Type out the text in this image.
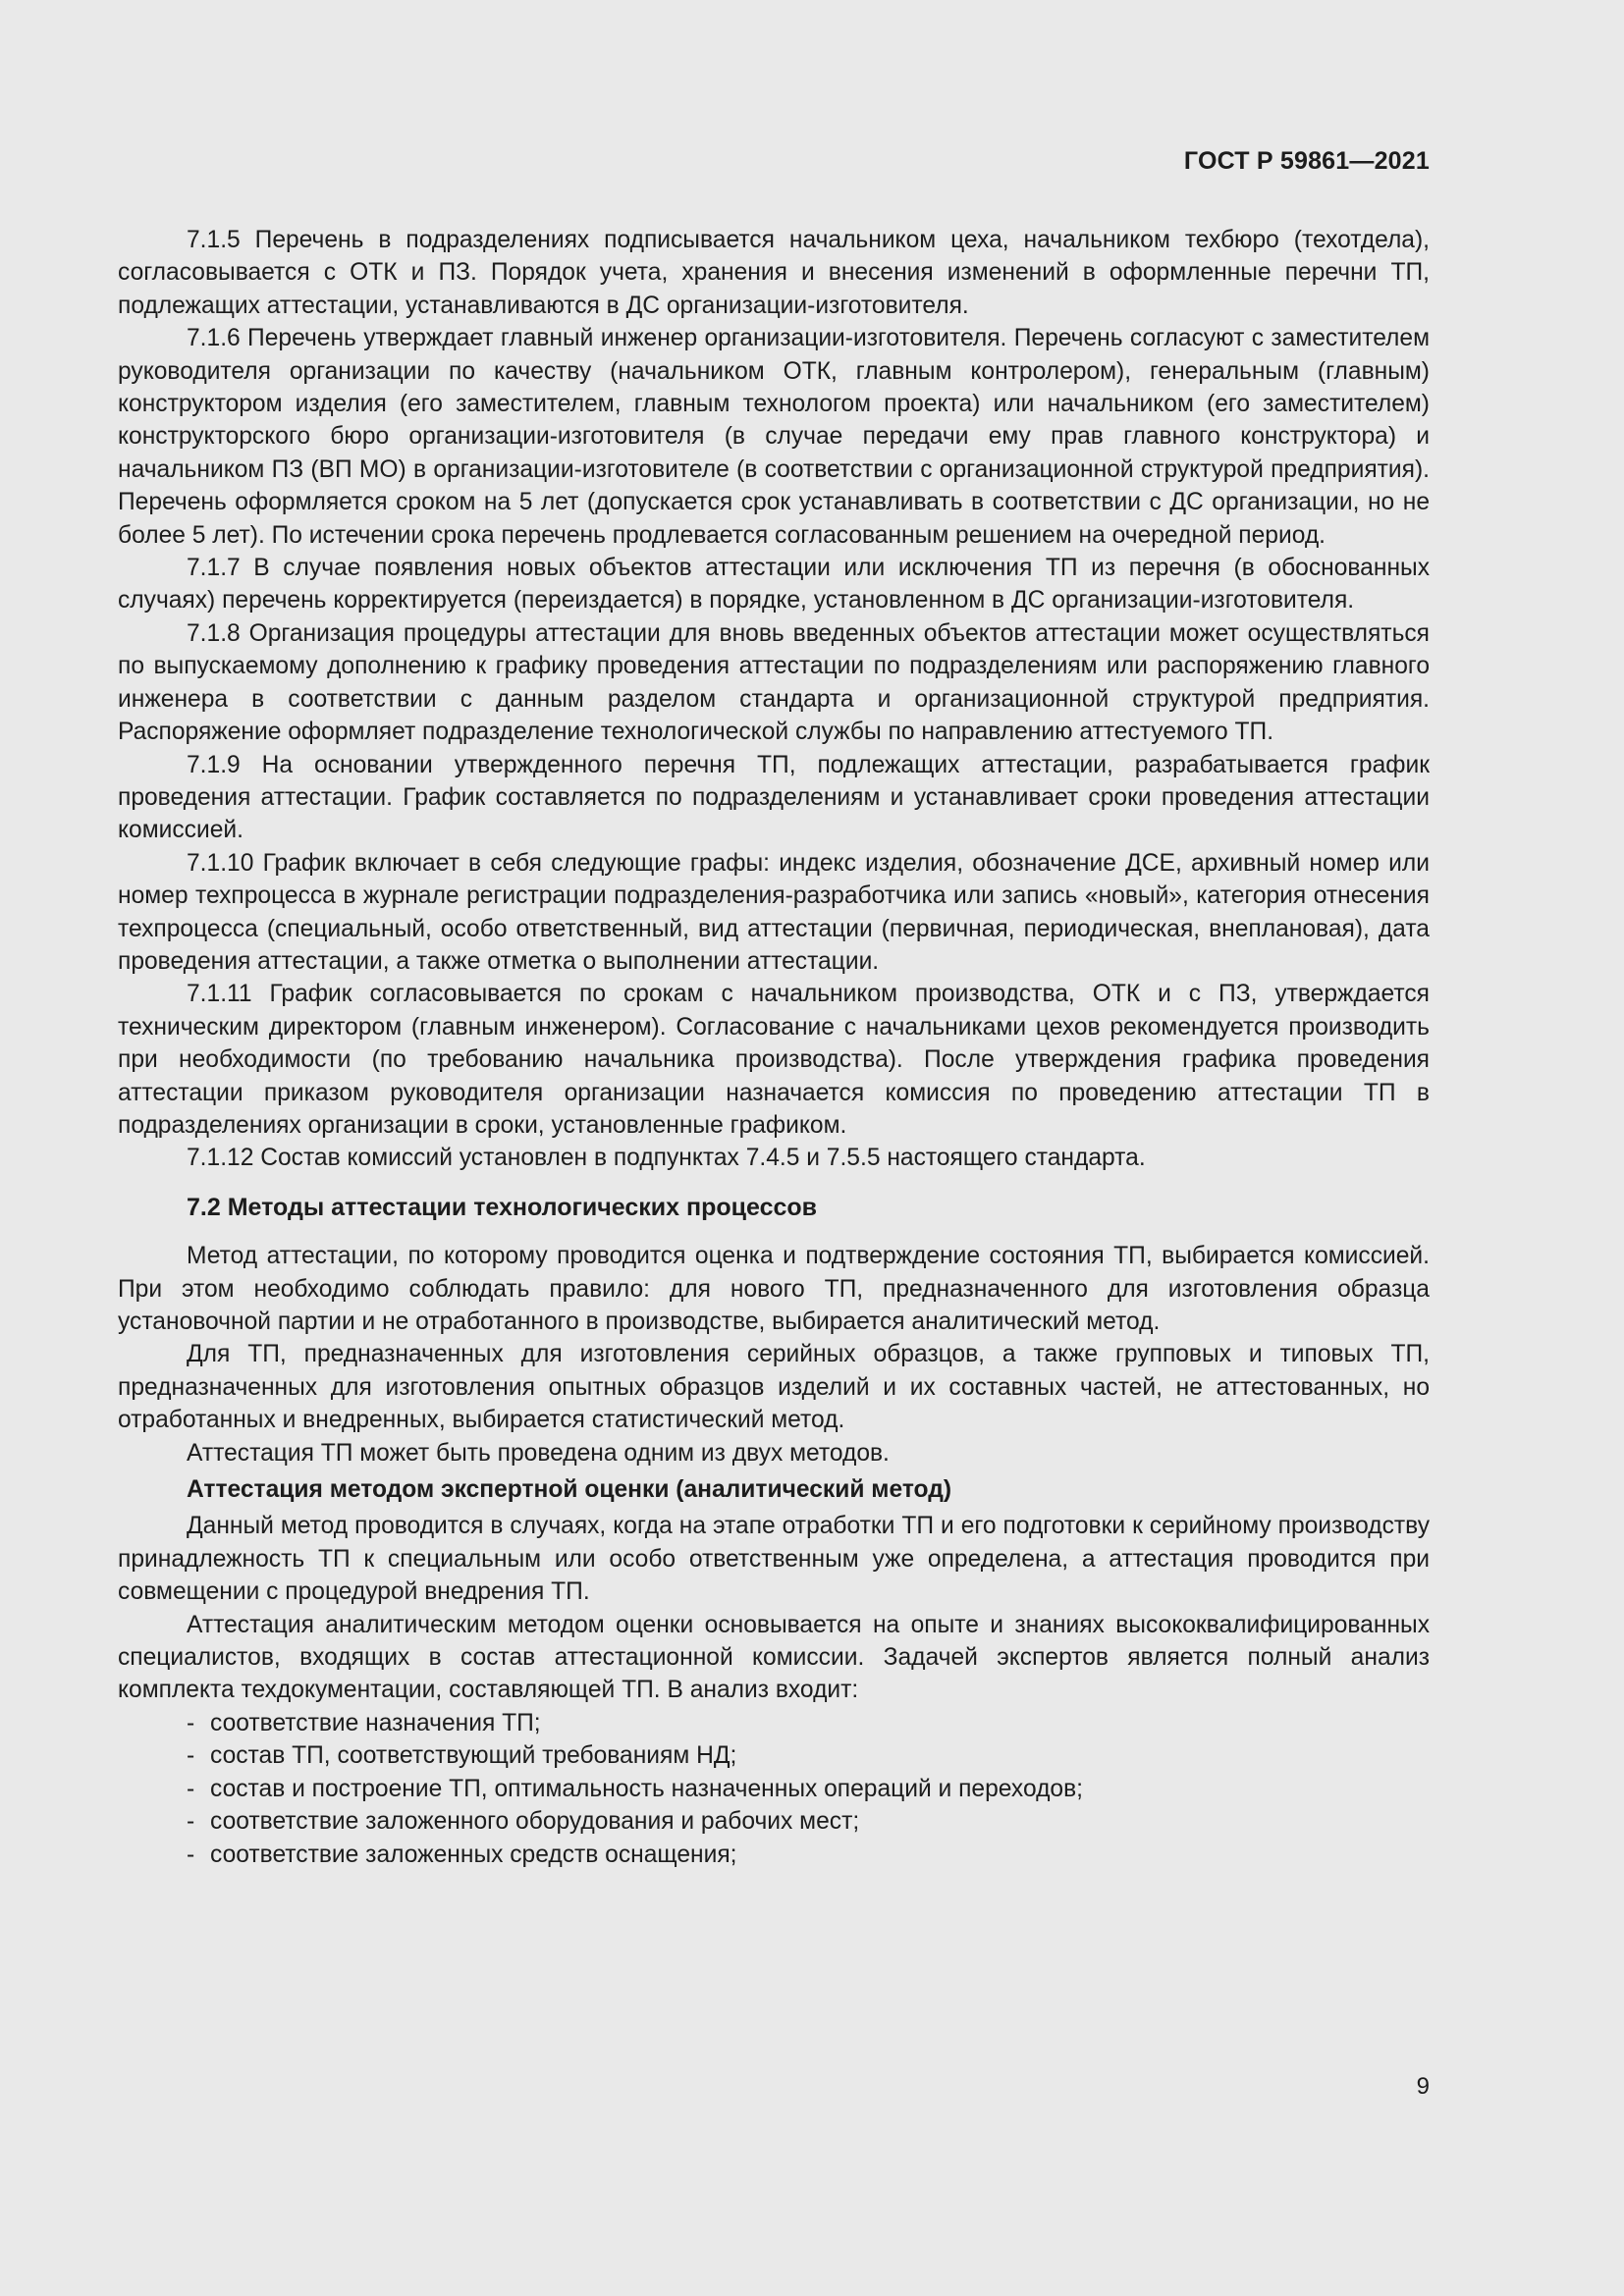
ГОСТ Р 59861—2021

7.1.5 Перечень в подразделениях подписывается начальником цеха, начальником техбюро (техотдела), согласовывается с ОТК и ПЗ. Порядок учета, хранения и внесения изменений в оформленные перечни ТП, подлежащих аттестации, устанавливаются в ДС организации-изготовителя.

7.1.6 Перечень утверждает главный инженер организации-изготовителя. Перечень согласуют с заместителем руководителя организации по качеству (начальником ОТК, главным контролером), генеральным (главным) конструктором изделия (его заместителем, главным технологом проекта) или начальником (его заместителем) конструкторского бюро организации-изготовителя (в случае передачи ему прав главного конструктора) и начальником ПЗ (ВП МО) в организации-изготовителе (в соответствии с организационной структурой предприятия). Перечень оформляется сроком на 5 лет (допускается срок устанавливать в соответствии с ДС организации, но не более 5 лет). По истечении срока перечень продлевается согласованным решением на очередной период.

7.1.7 В случае появления новых объектов аттестации или исключения ТП из перечня (в обоснованных случаях) перечень корректируется (переиздается) в порядке, установленном в ДС организации-изготовителя.

7.1.8 Организация процедуры аттестации для вновь введенных объектов аттестации может осуществляться по выпускаемому дополнению к графику проведения аттестации по подразделениям или распоряжению главного инженера в соответствии с данным разделом стандарта и организационной структурой предприятия. Распоряжение оформляет подразделение технологической службы по направлению аттестуемого ТП.

7.1.9 На основании утвержденного перечня ТП, подлежащих аттестации, разрабатывается график проведения аттестации. График составляется по подразделениям и устанавливает сроки проведения аттестации комиссией.

7.1.10 График включает в себя следующие графы: индекс изделия, обозначение ДСЕ, архивный номер или номер техпроцесса в журнале регистрации подразделения-разработчика или запись «новый», категория отнесения техпроцесса (специальный, особо ответственный, вид аттестации (первичная, периодическая, внеплановая), дата проведения аттестации, а также отметка о выполнении аттестации.

7.1.11 График согласовывается по срокам с начальником производства, ОТК и с ПЗ, утверждается техническим директором (главным инженером). Согласование с начальниками цехов рекомендуется производить при необходимости (по требованию начальника производства). После утверждения графика проведения аттестации приказом руководителя организации назначается комиссия по проведению аттестации ТП в подразделениях организации в сроки, установленные графиком.

7.1.12 Состав комиссий установлен в подпунктах 7.4.5 и 7.5.5 настоящего стандарта.

7.2 Методы аттестации технологических процессов

Метод аттестации, по которому проводится оценка и подтверждение состояния ТП, выбирается комиссией. При этом необходимо соблюдать правило: для нового ТП, предназначенного для изготовления образца установочной партии и не отработанного в производстве, выбирается аналитический метод.

Для ТП, предназначенных для изготовления серийных образцов, а также групповых и типовых ТП, предназначенных для изготовления опытных образцов изделий и их составных частей, не аттестованных, но отработанных и внедренных, выбирается статистический метод.

Аттестация ТП может быть проведена одним из двух методов.

Аттестация методом экспертной оценки (аналитический метод)

Данный метод проводится в случаях, когда на этапе отработки ТП и его подготовки к серийному производству принадлежность ТП к специальным или особо ответственным уже определена, а аттестация проводится при совмещении с процедурой внедрения ТП.

Аттестация аналитическим методом оценки основывается на опыте и знаниях высококвалифицированных специалистов, входящих в состав аттестационной комиссии. Задачей экспертов является полный анализ комплекта техдокументации, составляющей ТП. В анализ входит:

- соответствие назначения ТП;
- состав ТП, соответствующий требованиям НД;
- состав и построение ТП, оптимальность назначенных операций и переходов;
- соответствие заложенного оборудования и рабочих мест;
- соответствие заложенных средств оснащения;
9
